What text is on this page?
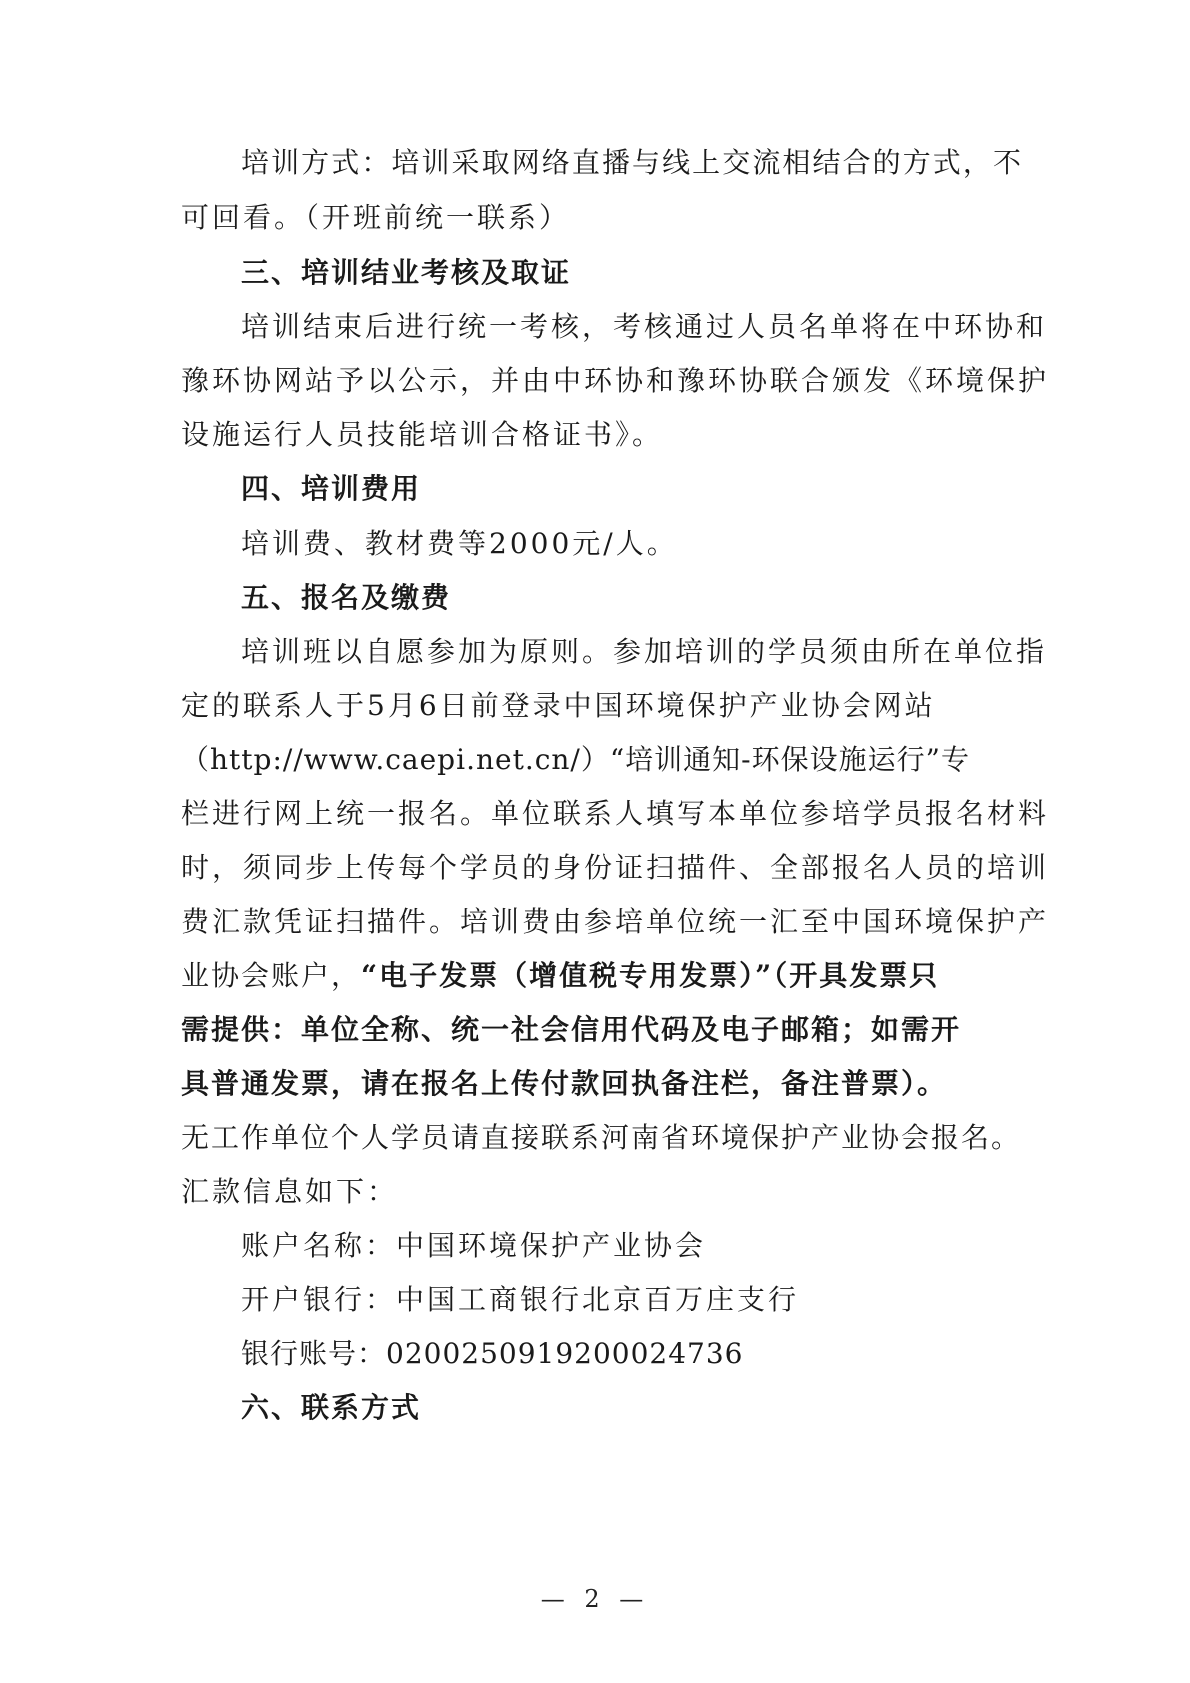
培 训 方 式 ： 培 训 采 取 网 络 直 播 与 线 上 交 流 相 结 合 的 方 式 ， 不
可回看。（开班前统一联系）
三、培训结业考核及取证
培训结束后进行统一考核，考核通过人员名单将在中环协和
豫环协网站予以公示，并由中环协和豫环协联合颁发《环境保护
设施运行人员技能培训合格证书》。
四、培训费用
培训费、教材费等2000元/人。
五、报名及缴费
培训班以自愿参加为原则。参加培训的学员须由所在单位指
定的联系人于5月6日前登录中国环境保护产业协会网站
（http://www.caepi.net.cn/）“培训通知-环保设施运行”专
栏进行网上统一报名。单位联系人填写本单位参培学员报名材料
时，须同步上传每个学员的身份证扫描件、全部报名人员的培训
费汇款凭证扫描件。培训费由参培单位统一汇至中国环境保护产
业协会账户，“电子发票（增值税专用发票）”（开具发票只
需提供：单位全称、统一社会信用代码及电子邮箱；如需开
具普通发票，请在报名上传付款回执备注栏，备注普票）。
无工作单位个人学员请直接联系河南省环境保护产业协会报名。
汇款信息如下：
账户名称：中国环境保护产业协会
开户银行：中国工商银行北京百万庄支行
银行账号：0200250919200024736
六、联系方式
— 2 —
